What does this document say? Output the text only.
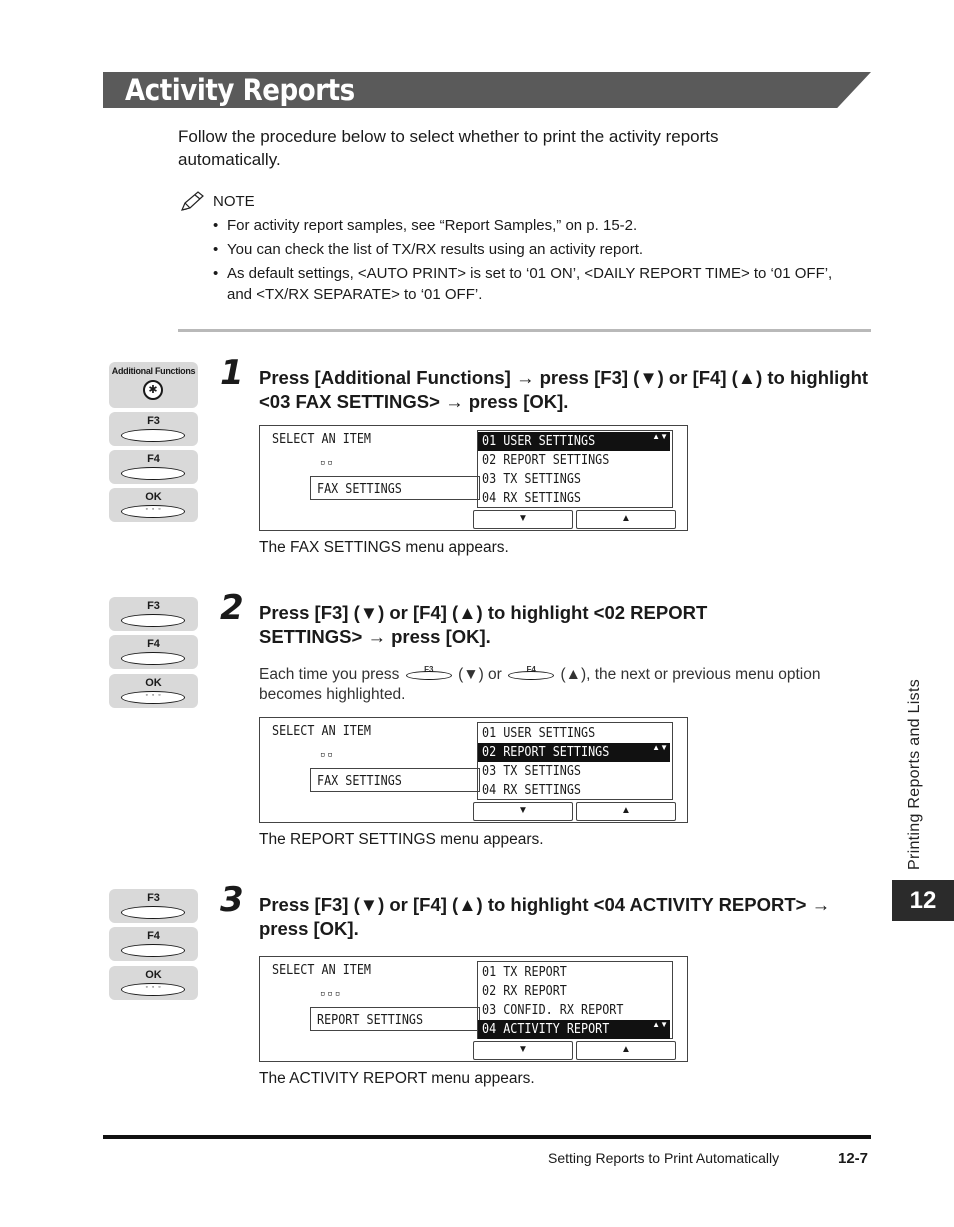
Activity Reports
Follow the procedure below to select whether to print the activity reports automatically.
NOTE
• For activity report samples, see “Report Samples,” on p. 15-2.
• You can check the list of TX/RX results using an activity report.
• As default settings, <AUTO PRINT> is set to ‘01 ON’, <DAILY REPORT TIME> to ‘01 OFF’, and <TX/RX SEPARATE> to ‘01 OFF’.
Additional Functions
✱
F3
F4
OK
◦ ◦ ◦
1 Press [Additional Functions] → press [F3] (▼) or [F4] (▲) to highlight <03 FAX SETTINGS> → press [OK].
SELECT AN ITEM
▫▫
FAX SETTINGS
01 USER SETTINGS	▲▼
02 REPORT SETTINGS
03 TX SETTINGS
04 RX SETTINGS
▼	▲
The FAX SETTINGS menu appears.
F3
F4
OK
◦ ◦ ◦
2 Press [F3] (▼) or [F4] (▲) to highlight <02 REPORT SETTINGS> → press [OK].
Each time you press	F3	(▼) or	F4	(▲), the next or previous menu option becomes highlighted.
SELECT AN ITEM
▫▫
FAX SETTINGS
01 USER SETTINGS
02 REPORT SETTINGS	▲▼
03 TX SETTINGS
04 RX SETTINGS
▼	▲
The REPORT SETTINGS menu appears.
F3
F4
OK
◦ ◦ ◦
3 Press [F3] (▼) or [F4] (▲) to highlight <04 ACTIVITY REPORT> → press [OK].
SELECT AN ITEM
▫▫▫
REPORT SETTINGS
01 TX REPORT
02 RX REPORT
03 CONFID. RX REPORT
04 ACTIVITY REPORT	▲▼
▼	▲
The ACTIVITY REPORT menu appears.
Printing Reports and Lists
12
Setting Reports to Print Automatically	12-7
